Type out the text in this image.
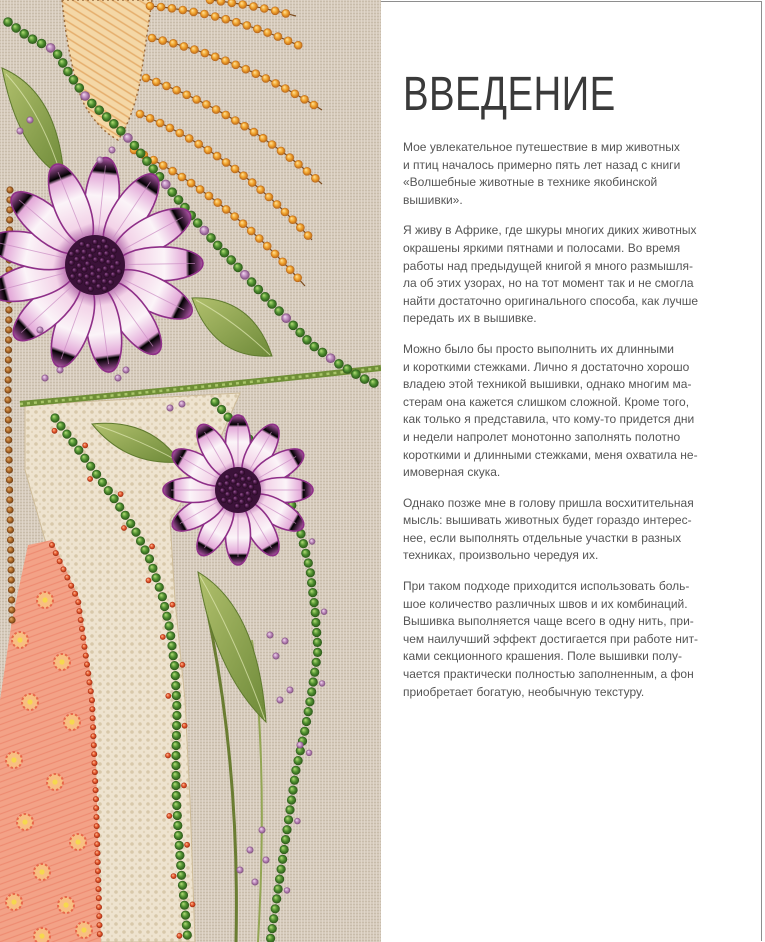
ВВЕДЕНИЕ
Мое увлекательное путешествие в мир животных
и птиц началось примерно пять лет назад с книги
«Волшебные животные в технике якобинской
вышивки».
Я живу в Африке, где шкуры многих диких животных
окрашены яркими пятнами и полосами. Во время
работы над предыдущей книгой я много размышля-
ла об этих узорах, но на тот момент так и не смогла
найти достаточно оригинального способа, как лучше
передать их в вышивке.
Можно было бы просто выполнить их длинными
и короткими стежками. Лично я достаточно хорошо
владею этой техникой вышивки, однако многим ма-
стерам она кажется слишком сложной. Кроме того,
как только я представила, что кому-то придется дни
и недели напролет монотонно заполнять полотно
короткими и длинными стежками, меня охватила не-
имоверная скука.
Однако позже мне в голову пришла восхитительная
мысль: вышивать животных будет гораздо интерес-
нее, если выполнять отдельные участки в разных
техниках, произвольно чередуя их.
При таком подходе приходится использовать боль-
шое количество различных швов и их комбинаций.
Вышивка выполняется чаще всего в одну нить, при-
чем наилучший эффект достигается при работе нит-
ками секционного крашения. Поле вышивки полу-
чается практически полностью заполненным, а фон
приобретает богатую, необычную текстуру.
